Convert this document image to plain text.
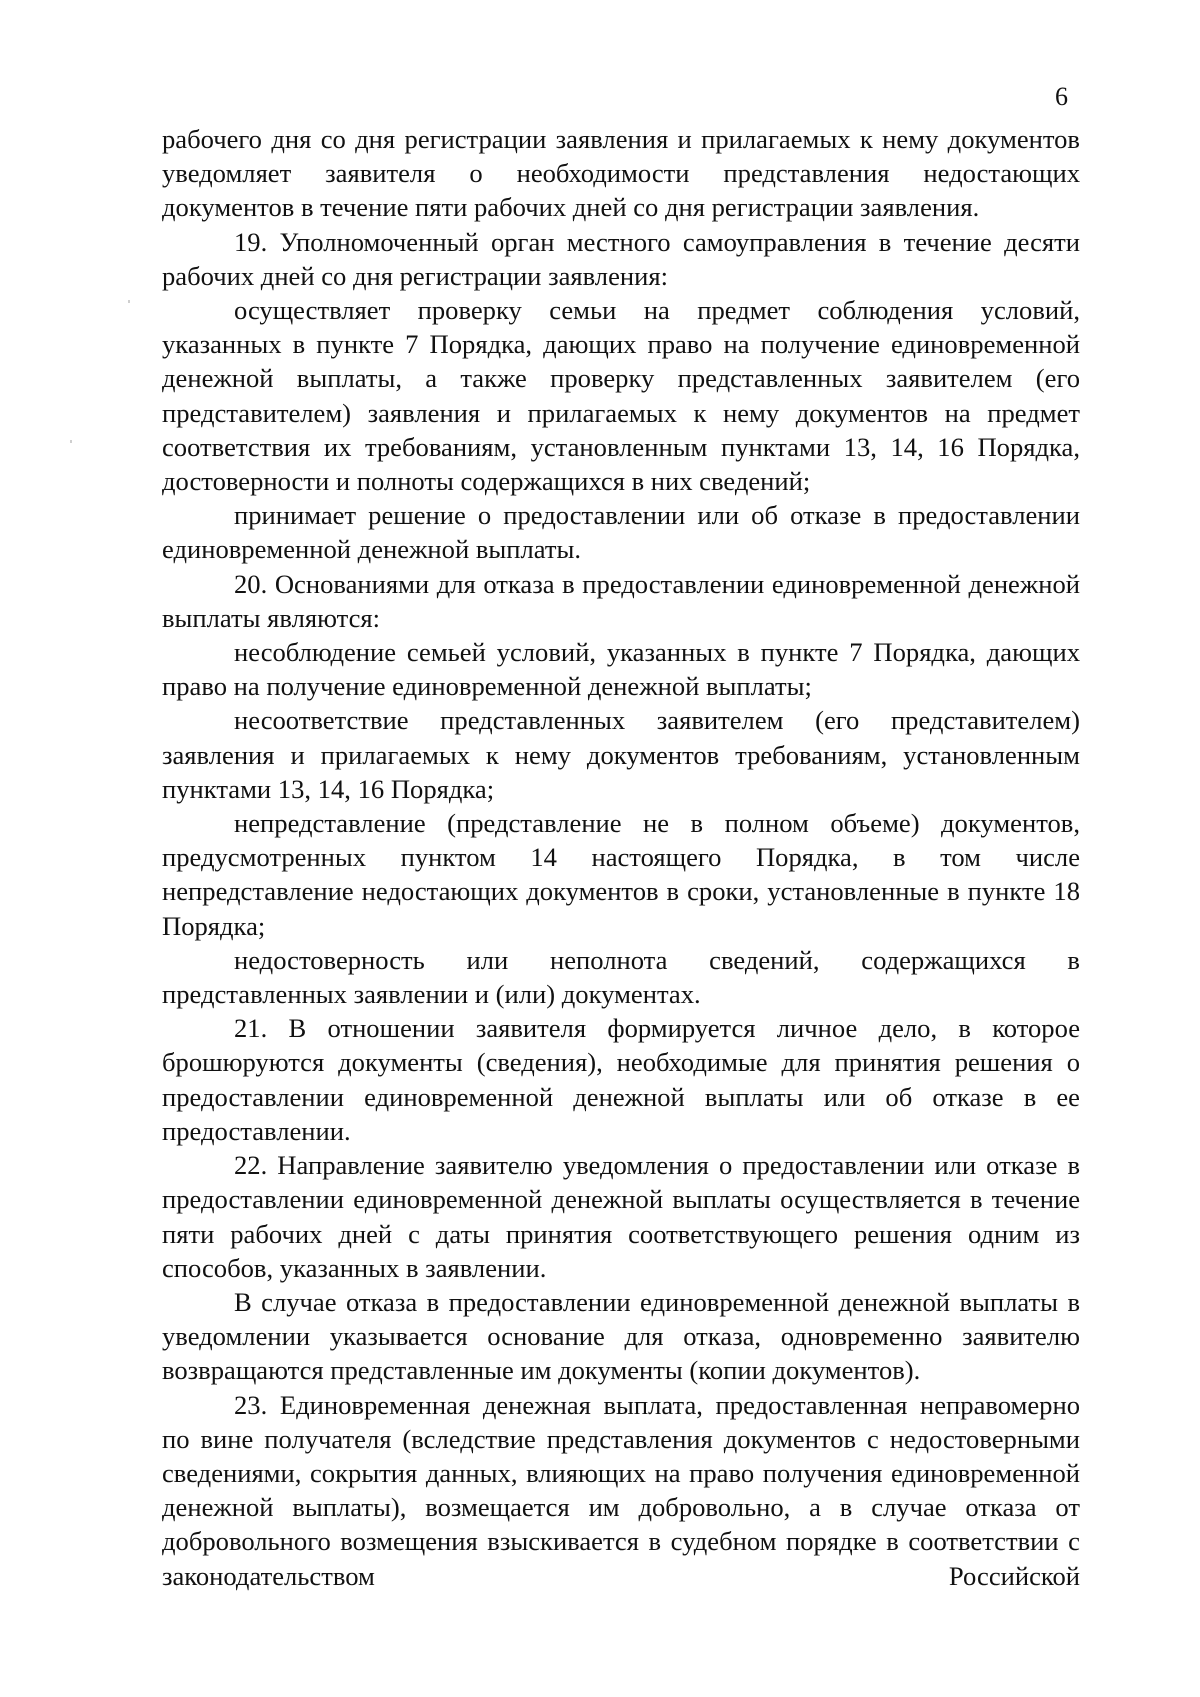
6

рабочего дня со дня регистрации заявления и прилагаемых к нему документов уведомляет заявителя о необходимости представления недостающих документов в течение пяти рабочих дней со дня регистрации заявления.

19. Уполномоченный орган местного самоуправления в течение десяти рабочих дней со дня регистрации заявления:

осуществляет проверку семьи на предмет соблюдения условий, указанных в пункте 7 Порядка, дающих право на получение единовременной денежной выплаты, а также проверку представленных заявителем (его представителем) заявления и прилагаемых к нему документов на предмет соответствия их требованиям, установленным пунктами 13, 14, 16 Порядка, достоверности и полноты содержащихся в них сведений;

принимает решение о предоставлении или об отказе в предоставлении единовременной денежной выплаты.

20. Основаниями для отказа в предоставлении единовременной денежной выплаты являются:

несоблюдение семьей условий, указанных в пункте 7 Порядка, дающих право на получение единовременной денежной выплаты;

несоответствие представленных заявителем (его представителем) заявления и прилагаемых к нему документов требованиям, установленным пунктами 13, 14, 16 Порядка;

непредставление (представление не в полном объеме) документов, предусмотренных пунктом 14 настоящего Порядка, в том числе непредставление недостающих документов в сроки, установленные в пункте 18 Порядка;

недостоверность или неполнота сведений, содержащихся в представленных заявлении и (или) документах.

21. В отношении заявителя формируется личное дело, в которое брошюруются документы (сведения), необходимые для принятия решения о предоставлении единовременной денежной выплаты или об отказе в ее предоставлении.

22. Направление заявителю уведомления о предоставлении или отказе в предоставлении единовременной денежной выплаты осуществляется в течение пяти рабочих дней с даты принятия соответствующего решения одним из способов, указанных в заявлении.

В случае отказа в предоставлении единовременной денежной выплаты в уведомлении указывается основание для отказа, одновременно заявителю возвращаются представленные им документы (копии документов).

23. Единовременная денежная выплата, предоставленная неправомерно по вине получателя (вследствие представления документов с недостоверными сведениями, сокрытия данных, влияющих на право получения единовременной денежной выплаты), возмещается им добровольно, а в случае отказа от добровольного возмещения взыскивается в судебном порядке в соответствии с законодательством Российской
